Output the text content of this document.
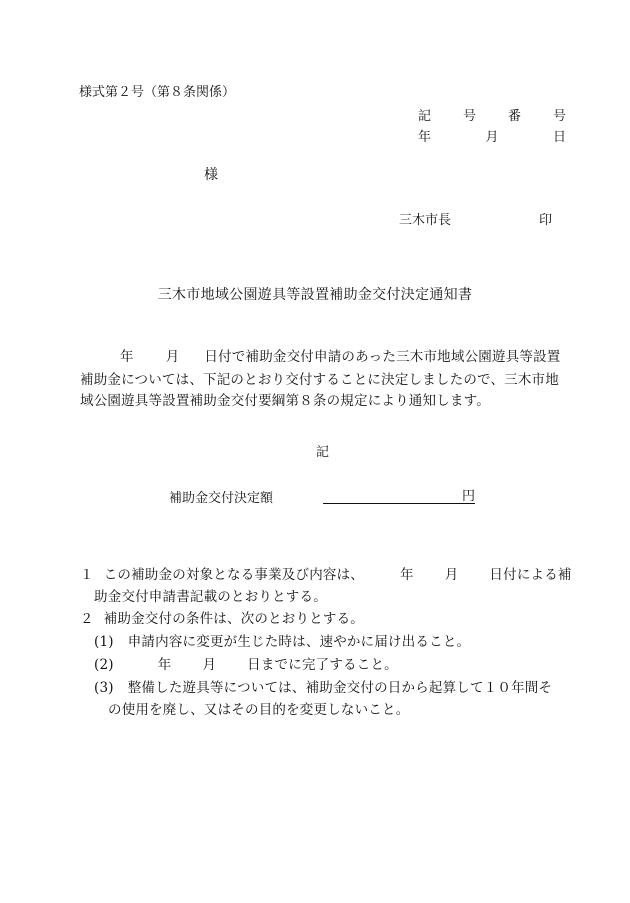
様式第２号（第８条関係）
記 号 番 号
年	月	日
様
三木市長	印
三木市地域公園遊具等設置補助金交付決定通知書
年 月 日付で補助金交付申請のあった三木市地域公園遊具等設置
補助金については、下記のとおり交付することに決定しましたので、三木市地
域公園遊具等設置補助金交付要綱第８条の規定により通知します。
記
補助金交付決定額	円
１ この補助金の対象となる事業及び内容は、	年 月 日付による補
助金交付申請書記載のとおりとする。
２ 補助金交付の条件は、次のとおりとする。
(1) 申請内容に変更が生じた時は、速やかに届け出ること。
(2)	年 月 日までに完了すること。
(3) 整備した遊具等については、補助金交付の日から起算して１０年間そ
の使用を廃し、又はその目的を変更しないこと。
